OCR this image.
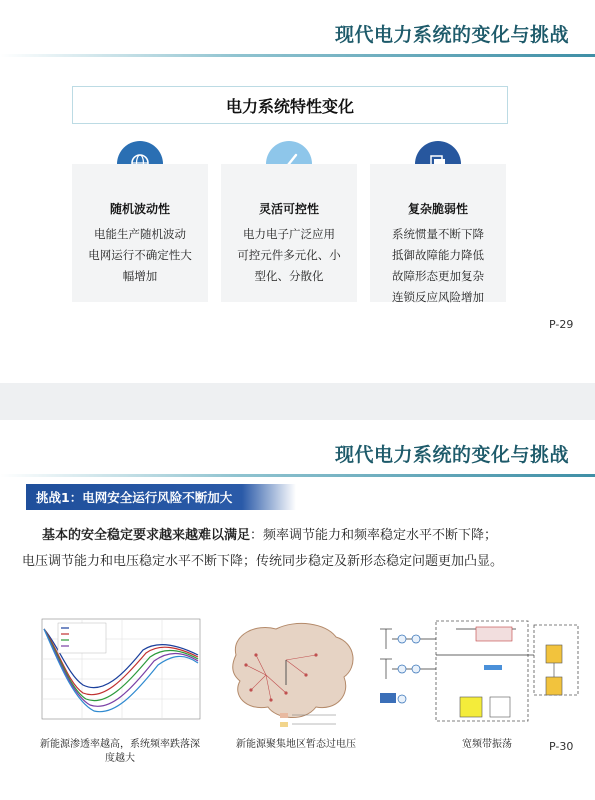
现代电力系统的变化与挑战
电力系统特性变化
随机波动性
电能生产随机波动
电网运行不确定性大
幅增加
灵活可控性
电力电子广泛应用
可控元件多元化、小
型化、分散化
复杂脆弱性
系统惯量不断下降
抵御故障能力降低
故障形态更加复杂
连锁反应风险增加
P-29
现代电力系统的变化与挑战
挑战1：电网安全运行风险不断加大
基本的安全稳定要求越来越难以满足：频率调节能力和频率稳定水平不断下降；
电压调节能力和电压稳定水平不断下降；传统同步稳定及新形态稳定问题更加凸显。
新能源渗透率越高，系统频率跌落深度越大
新能源聚集地区暂态过电压	宽频带振荡	P-30
